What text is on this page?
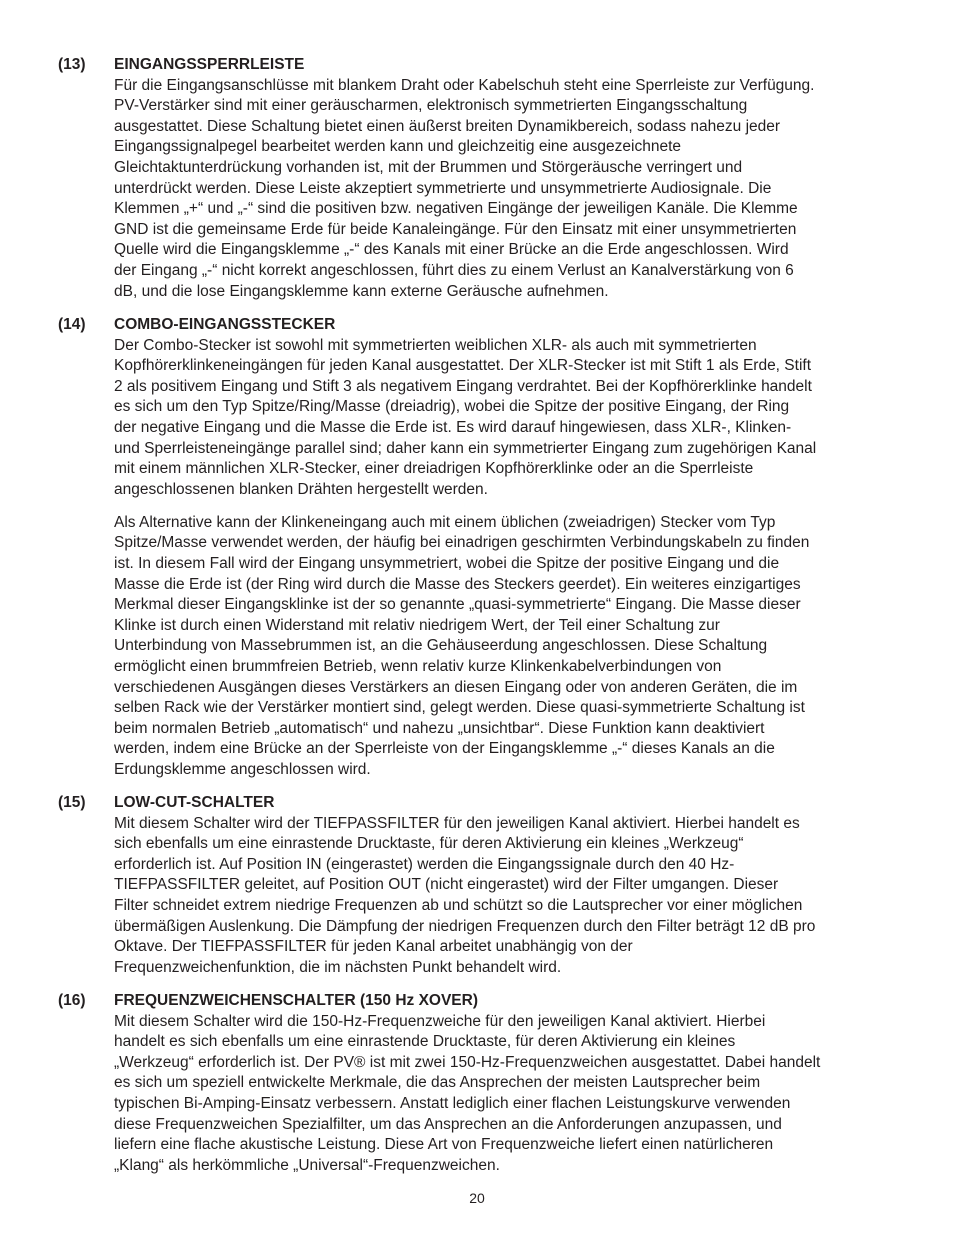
(13) EINGANGSSPERRLEISTE

Für die Eingangsanschlüsse mit blankem Draht oder Kabelschuh steht eine Sperrleiste zur Verfügung.
PV-Verstärker sind mit einer geräuscharmen, elektronisch symmetrierten Eingangsschaltung
ausgestattet. Diese Schaltung bietet einen äußerst breiten Dynamikbereich, sodass nahezu jeder
Eingangssignalpegel bearbeitet werden kann und gleichzeitig eine ausgezeichnete
Gleichtaktunterdrückung vorhanden ist, mit der Brummen und Störgeräusche verringert und
unterdrückt werden. Diese Leiste akzeptiert symmetrierte und unsymmetrierte Audiosignale. Die
Klemmen „+“ und „-“ sind die positiven bzw. negativen Eingänge der jeweiligen Kanäle. Die Klemme
GND ist die gemeinsame Erde für beide Kanaleingänge. Für den Einsatz mit einer unsymmetrierten
Quelle wird die Eingangsklemme „-“ des Kanals mit einer Brücke an die Erde angeschlossen. Wird
der Eingang „-“ nicht korrekt angeschlossen, führt dies zu einem Verlust an Kanalverstärkung von 6
dB, und die lose Eingangsklemme kann externe Geräusche aufnehmen.

(14) COMBO-EINGANGSSTECKER

Der Combo-Stecker ist sowohl mit symmetrierten weiblichen XLR- als auch mit symmetrierten
Kopfhörerklinkeneingängen für jeden Kanal ausgestattet. Der XLR-Stecker ist mit Stift 1 als Erde, Stift
2 als positivem Eingang und Stift 3 als negativem Eingang verdrahtet. Bei der Kopfhörerklinke handelt
es sich um den Typ Spitze/Ring/Masse (dreiadrig), wobei die Spitze der positive Eingang, der Ring
der negative Eingang und die Masse die Erde ist. Es wird darauf hingewiesen, dass XLR-, Klinken-
und Sperrleisteneingänge parallel sind; daher kann ein symmetrierter Eingang zum zugehörigen Kanal
mit einem männlichen XLR-Stecker, einer dreiadrigen Kopfhörerklinke oder an die Sperrleiste
angeschlossenen blanken Drähten hergestellt werden.

Als Alternative kann der Klinkeneingang auch mit einem üblichen (zweiadrigen) Stecker vom Typ
Spitze/Masse verwendet werden, der häufig bei einadrigen geschirmten Verbindungskabeln zu finden
ist. In diesem Fall wird der Eingang unsymmetriert, wobei die Spitze der positive Eingang und die
Masse die Erde ist (der Ring wird durch die Masse des Steckers geerdet). Ein weiteres einzigartiges
Merkmal dieser Eingangsklinke ist der so genannte „quasi-symmetrierte“ Eingang. Die Masse dieser
Klinke ist durch einen Widerstand mit relativ niedrigem Wert, der Teil einer Schaltung zur
Unterbindung von Massebrummen ist, an die Gehäuseerdung angeschlossen. Diese Schaltung
ermöglicht einen brummfreien Betrieb, wenn relativ kurze Klinkenkabelverbindungen von
verschiedenen Ausgängen dieses Verstärkers an diesen Eingang oder von anderen Geräten, die im
selben Rack wie der Verstärker montiert sind, gelegt werden. Diese quasi-symmetrierte Schaltung ist
beim normalen Betrieb „automatisch“ und nahezu „unsichtbar“. Diese Funktion kann deaktiviert
werden, indem eine Brücke an der Sperrleiste von der Eingangsklemme „-“ dieses Kanals an die
Erdungsklemme angeschlossen wird.

(15) LOW-CUT-SCHALTER

Mit diesem Schalter wird der TIEFPASSFILTER für den jeweiligen Kanal aktiviert. Hierbei handelt es
sich ebenfalls um eine einrastende Drucktaste, für deren Aktivierung ein kleines „Werkzeug“
erforderlich ist. Auf Position IN (eingerastet) werden die Eingangssignale durch den 40 Hz-
TIEFPASSFILTER geleitet, auf Position OUT (nicht eingerastet) wird der Filter umgangen. Dieser
Filter schneidet extrem niedrige Frequenzen ab und schützt so die Lautsprecher vor einer möglichen
übermäßigen Auslenkung. Die Dämpfung der niedrigen Frequenzen durch den Filter beträgt 12 dB pro
Oktave. Der TIEFPASSFILTER für jeden Kanal arbeitet unabhängig von der
Frequenzweichenfunktion, die im nächsten Punkt behandelt wird.

(16) FREQUENZWEICHENSCHALTER (150 Hz XOVER)

Mit diesem Schalter wird die 150-Hz-Frequenzweiche für den jeweiligen Kanal aktiviert. Hierbei
handelt es sich ebenfalls um eine einrastende Drucktaste, für deren Aktivierung ein kleines
„Werkzeug“ erforderlich ist. Der PV® ist mit zwei 150-Hz-Frequenzweichen ausgestattet. Dabei handelt
es sich um speziell entwickelte Merkmale, die das Ansprechen der meisten Lautsprecher beim
typischen Bi-Amping-Einsatz verbessern. Anstatt lediglich einer flachen Leistungskurve verwenden
diese Frequenzweichen Spezialfilter, um das Ansprechen an die Anforderungen anzupassen, und
liefern eine flache akustische Leistung. Diese Art von Frequenzweiche liefert einen natürlicheren
„Klang“ als herkömmliche „Universal“-Frequenzweichen.

20
